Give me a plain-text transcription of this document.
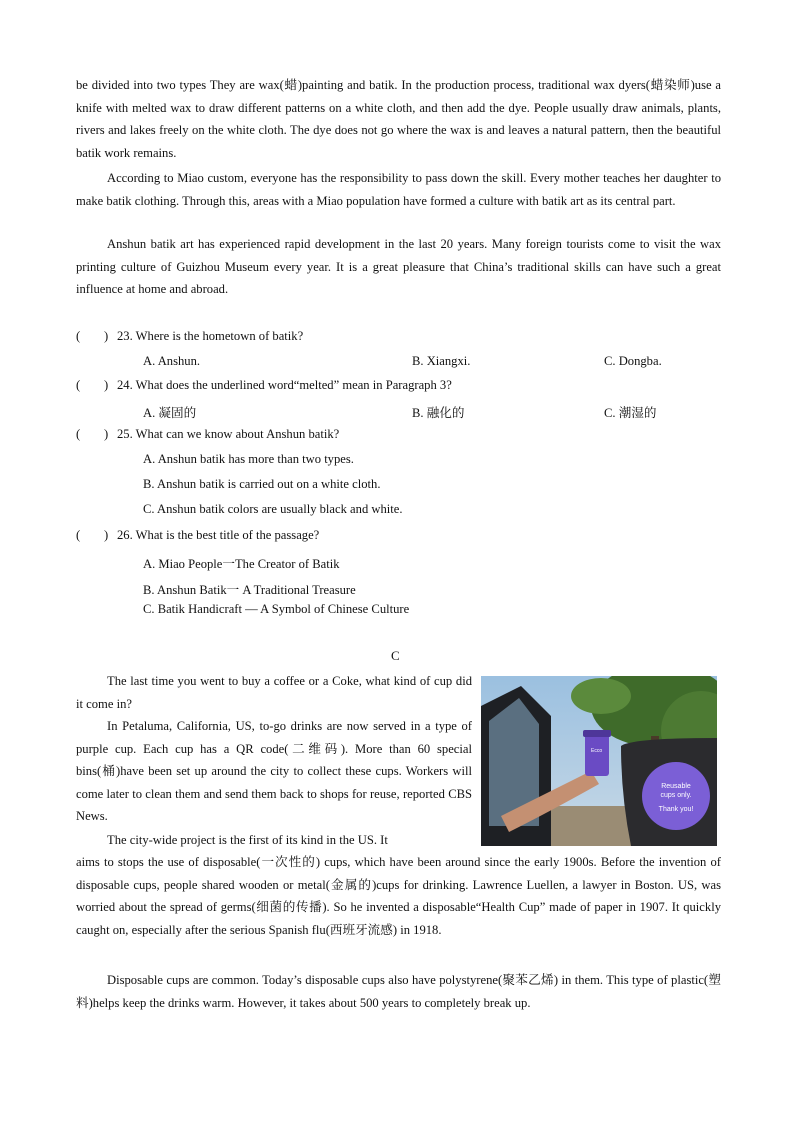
be divided into two types They are wax(蜡)painting and batik. In the production process, traditional wax dyers(蜡染师)use a knife with melted wax to draw different patterns on a white cloth, and then add the dye. People usually draw animals, plants, rivers and lakes freely on the white cloth. The dye does not go where the wax is and leaves a natural pattern, then the beautiful batik work remains.

According to Miao custom, everyone has the responsibility to pass down the skill. Every mother teaches her daughter to make batik clothing. Through this, areas with a Miao population have formed a culture with batik art as its central part.

Anshun batik art has experienced rapid development in the last 20 years. Many foreign tourists come to visit the wax printing culture of Guizhou Museum every year. It is a great pleasure that China’s traditional skills can have such a great influence at home and abroad.

( ) 23. Where is the hometown of batik?
A. Anshun.	B. Xiangxi.	C. Dongba.
( ) 24. What does the underlined word“melted” mean in Paragraph 3?
A. 凝固的	B. 融化的	C. 潮湿的
( ) 25. What can we know about Anshun batik?
A. Anshun batik has more than two types.
B. Anshun batik is carried out on a white cloth.
C. Anshun batik colors are usually black and white.
( ) 26. What is the best title of the passage?
A. Miao People一The Creator of Batik
B. Anshun Batik一 A Traditional Treasure
C. Batik Handicraft — A Symbol of Chinese Culture
C

The last time you went to buy a coffee or a Coke, what kind of cup did it come in?

In Petaluma, California, US, to-go drinks are now served in a type of purple cup. Each cup has a QR code(二维码). More than 60 special bins(桶)have been set up around the city to collect these cups. Workers will come later to clean them and send them back to shops for reuse, reported CBS News.

The city-wide project is the first of its kind in the US. It

aims to stops the use of disposable(一次性的) cups, which have been around since the early 1900s. Before the invention of disposable cups, people shared wooden or metal(金属的)cups for drinking. Lawrence Luellen, a lawyer in Boston. US, was worried about the spread of germs(细菌的传播). So he invented a disposable“Health Cup” made of paper in 1907. It quickly caught on, especially after the serious Spanish flu(西班牙流感) in 1918.

Disposable cups are common. Today’s disposable cups also have polystyrene(聚苯乙烯) in them. This type of plastic(塑料)helps keep the drinks warm. However, it takes about 500 years to completely break up.

Ecco
Reusable
cups only.
Thank you!
